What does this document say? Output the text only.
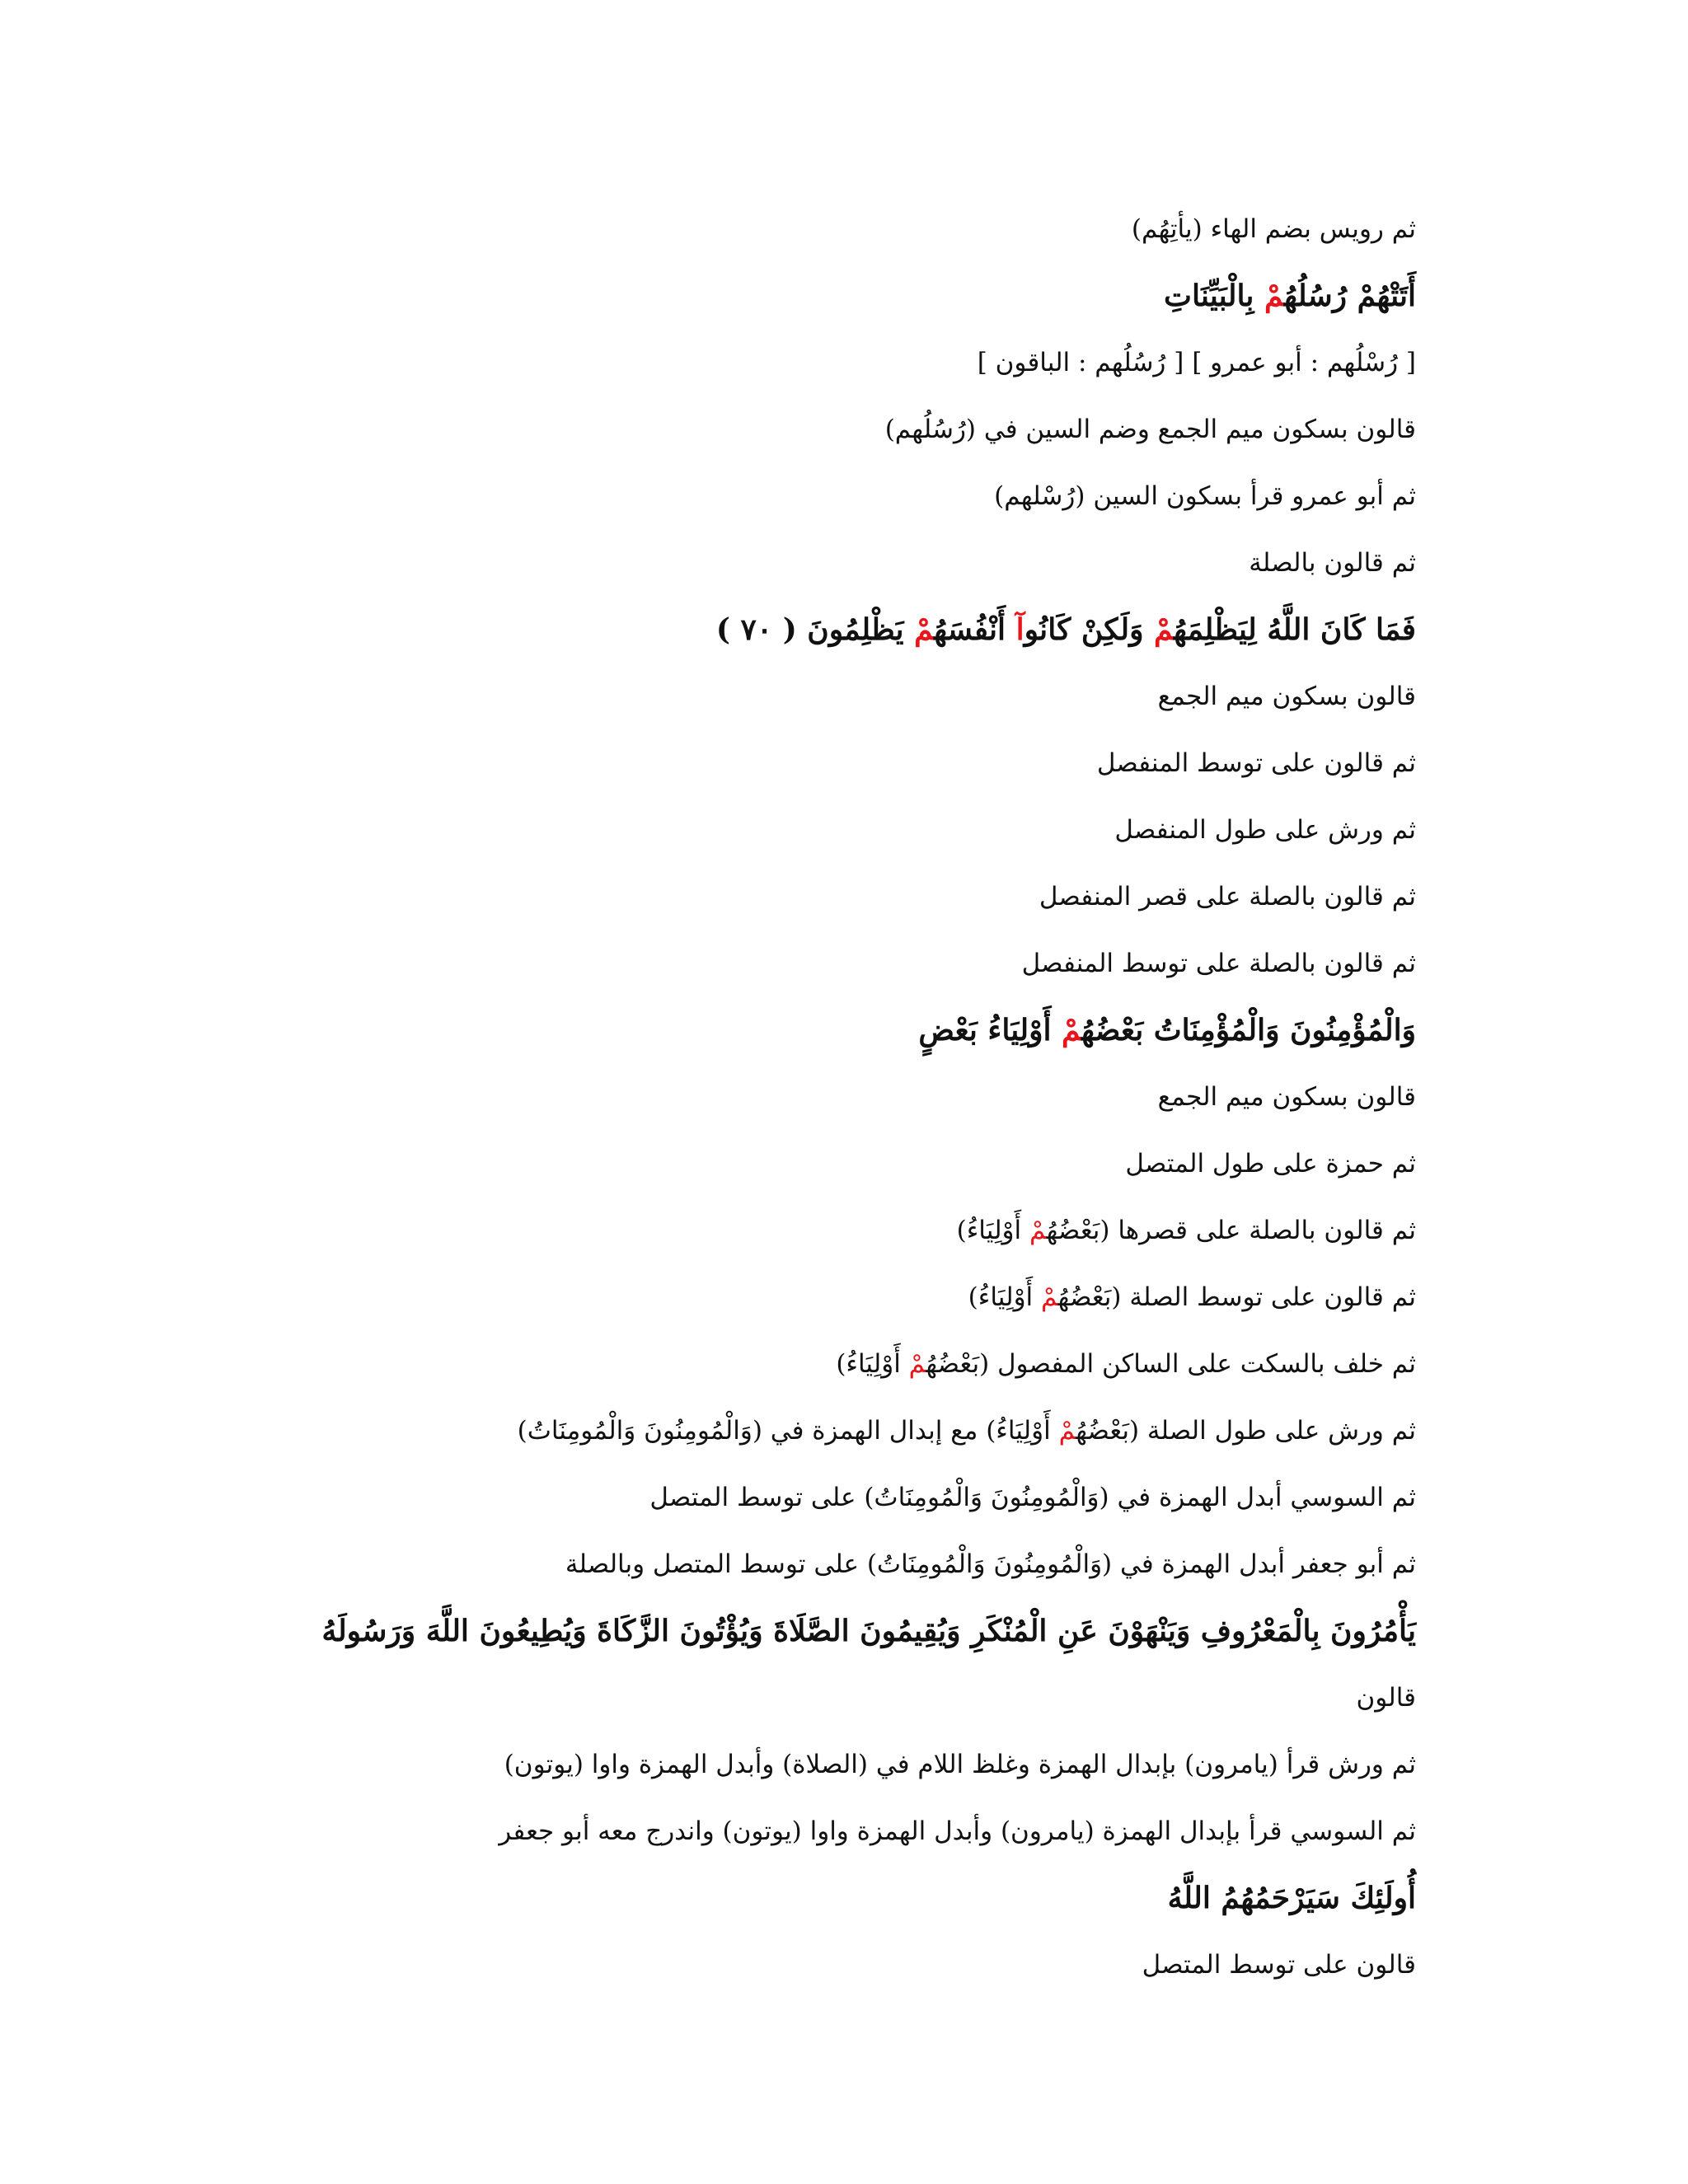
ثم رويس بضم الهاء (يأتِهُم)
أَتَتْهُمْ رُسُلُهُمْ بِالْبَيِّنَاتِ
[ رُسْلُهم : أبو عمرو ] [ رُسُلُهم : الباقون ]
قالون بسكون ميم الجمع وضم السين في (رُسُلُهم)
ثم أبو عمرو قرأ بسكون السين (رُسْلهم)
ثم قالون بالصلة
فَمَا كَانَ اللَّهُ لِيَظْلِمَهُمْ وَلَكِنْ كَانُوآ أَنْفُسَهُمْ يَظْلِمُونَ ( ٧٠ )
قالون بسكون ميم الجمع
ثم قالون على توسط المنفصل
ثم ورش على طول المنفصل
ثم قالون بالصلة على قصر المنفصل
ثم قالون بالصلة على توسط المنفصل
وَالْمُؤْمِنُونَ وَالْمُؤْمِنَاتُ بَعْضُهُمْ أَوْلِيَاءُ بَعْضٍ
قالون بسكون ميم الجمع
ثم حمزة على طول المتصل
ثم قالون بالصلة على قصرها (بَعْضُهُمْ أَوْلِيَاءُ)
ثم قالون على توسط الصلة (بَعْضُهُمْ أَوْلِيَاءُ)
ثم خلف بالسكت على الساكن المفصول (بَعْضُهُمْ أَوْلِيَاءُ)
ثم ورش على طول الصلة (بَعْضُهُمْ أَوْلِيَاءُ) مع إبدال الهمزة في (وَالْمُومِنُونَ وَالْمُومِنَاتُ)
ثم السوسي أبدل الهمزة في (وَالْمُومِنُونَ وَالْمُومِنَاتُ) على توسط المتصل
ثم أبو جعفر أبدل الهمزة في (وَالْمُومِنُونَ وَالْمُومِنَاتُ) على توسط المتصل وبالصلة
يَأْمُرُونَ بِالْمَعْرُوفِ وَيَنْهَوْنَ عَنِ الْمُنْكَرِ وَيُقِيمُونَ الصَّلَاةَ وَيُؤْتُونَ الزَّكَاةَ وَيُطِيعُونَ اللَّهَ وَرَسُولَهُ
قالون
ثم ورش قرأ (يامرون) بإبدال الهمزة وغلظ اللام في (الصلاة) وأبدل الهمزة واوا (يوتون)
ثم السوسي قرأ بإبدال الهمزة (يامرون) وأبدل الهمزة واوا (يوتون) واندرج معه أبو جعفر
أُولَئِكَ سَيَرْحَمُهُمُ اللَّهُ
قالون على توسط المتصل
